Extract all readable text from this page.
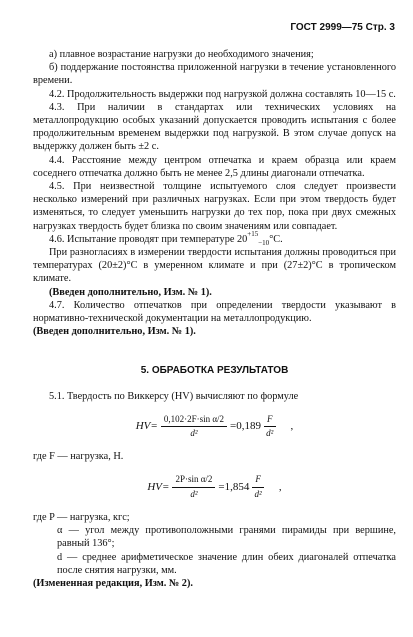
ГОСТ 2999—75 Стр. 3

а) плавное возрастание нагрузки до необходимого значения;

б) поддержание постоянства приложенной нагрузки в течение установленного времени.

4.2. Продолжительность выдержки под нагрузкой должна составлять 10—15 с.

4.3. При наличии в стандартах или технических условиях на металлопродукцию особых указаний допускается проводить испытания с более продолжительным временем выдержки под нагрузкой. В этом случае допуск на выдержку должен быть ±2 с.

4.4. Расстояние между центром отпечатка и краем образца или краем соседнего отпечатка должно быть не менее 2,5 длины диагонали отпечатка.

4.5. При неизвестной толщине испытуемого слоя следует произвести несколько измерений при различных нагрузках. Если при этом твердость будет изменяться, то следует уменьшить нагрузки до тех пор, пока при двух смежных нагрузках твердость будет близка по своим значениям или совпадает.

4.6. Испытание проводят при температуре $20^{+15}_{-10}^\circ С$.

При разногласиях в измерении твердости испытания должны проводиться при температурах (20±2)°С в умеренном климате и при (27±2)°С в тропическом климате.

(Введен дополнительно, Изм. № 1).

4.7. Количество отпечатков при определении твердости указывают в нормативно-технической документации на металлопродукцию.

(Введен дополнительно, Изм. № 1).

5. ОБРАБОТКА РЕЗУЛЬТАТОВ

5.1. Твердость по Виккерсу (HV) вычисляют по формуле

$HV= \frac{\text{0,102·2F·sin α/2}}{\text{d²}} =0,189 \frac{F}{\text{d²}}$ ,

где F — нагрузка, Н.

$HV= \frac{\text{2P·sin α/2}}{\text{d²}} =1,854 \frac{F}{\text{d²}}$ ,

где P — нагрузка, кгс;

α — угол между противоположными гранями пирамиды при вершине, равный 136°;

d — среднее арифметическое значение длин обеих диагоналей отпечатка после снятия нагрузки, мм.

(Измененная редакция, Изм. № 2).
